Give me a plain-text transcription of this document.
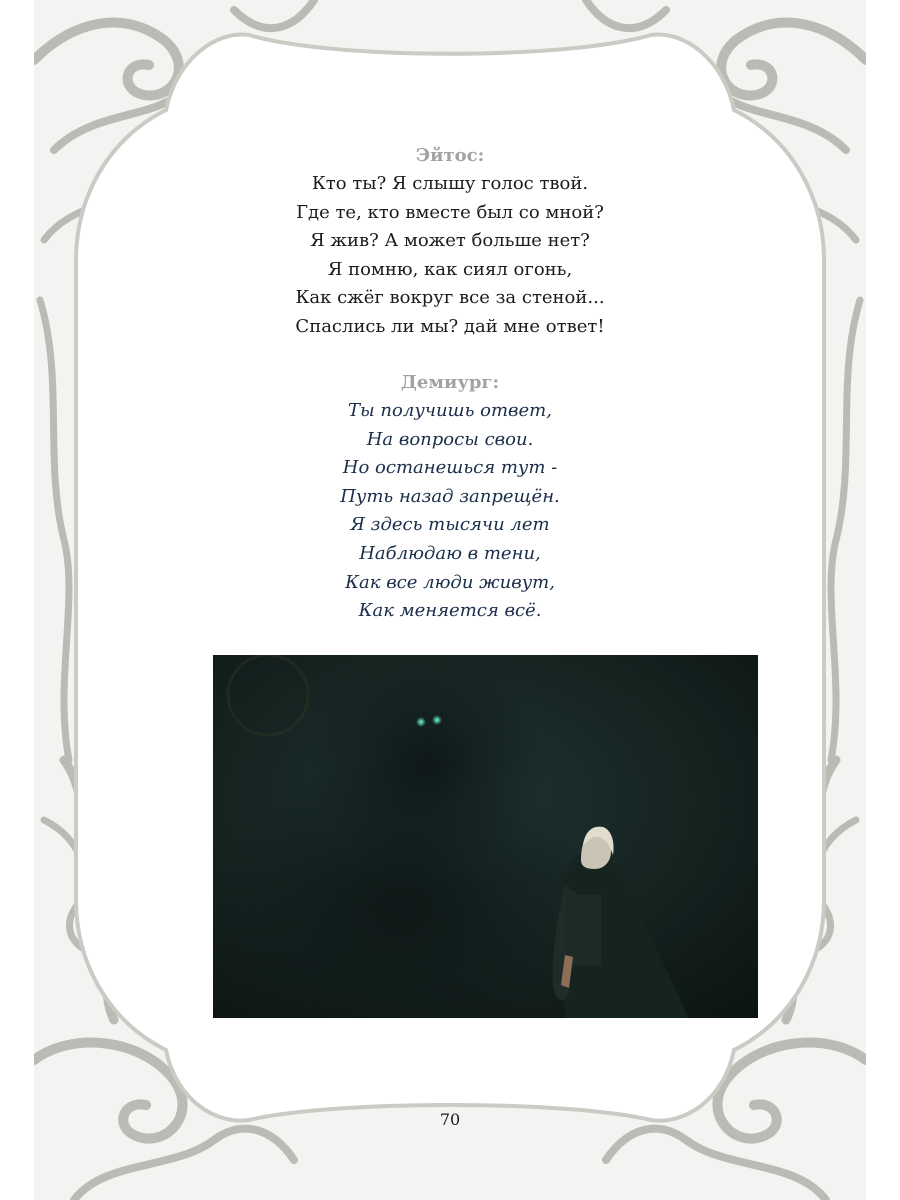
Эйтос:
Кто ты? Я слышу голос твой.
Где те, кто вместе был со мной?
Я жив? А может больше нет?
Я помню, как сиял огонь,
Как сжёг вокруг все за стеной...
Спаслись ли мы? дай мне ответ!
Демиург:
Ты получишь ответ,
На вопросы свои.
Но останешься тут -
Путь назад запрещён.
Я здесь тысячи лет
Наблюдаю в тени,
Как все люди живут,
Как меняется всё.
70
